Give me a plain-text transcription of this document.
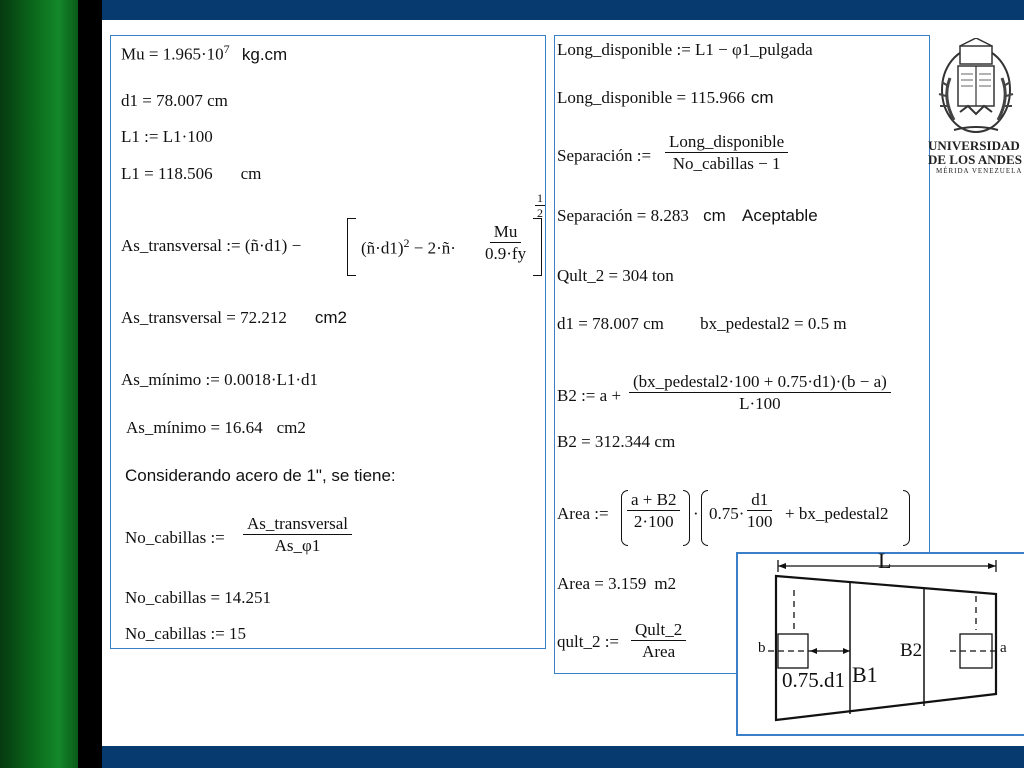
$Mu = 1.965\cdot 10^7$ kg.cm
d1 = 78.007 cm
L1 := L1·100
L1 = 118.506 cm
As_transversal := (ñ·d1) −	(ñ·d1)$^2$ − 2·ñ· $\frac{Mu}{0.9\cdot fy}$
$\frac{1}{2}$
As_transversal = 72.212 cm2
As_mínimo := 0.0018·L1·d1
As_mínimo = 16.64 cm2
Considerando acero de 1", se tiene:
No_cabillas :=
As_transversal
As_φ1
No_cabillas = 14.251
No_cabillas := 15
Long_disponible := L1 − φ1_pulgada
Long_disponible = 115.966 cm
Separación :=
Long_disponible
No_cabillas − 1
Separación = 8.283 cm Aceptable
Qult_2 = 304 ton
d1 = 78.007 cm bx_pedestal2 = 0.5 m
B2 := a +
(bx_pedestal2·100 + 0.75·d1)·(b − a)
L·100
B2 = 312.344 cm
Area := $\frac{a + B2}{2\cdot 100} \cdot 0.75\cdot$
$\frac{d1}{100}$ + bx_pedestal2
Area = 3.159 m2
qult_2 :=
Qult_2
Area
UNIVERSIDAD
DE LOS ANDES
MÉRIDA VENEZUELA
L
b	a
0.75.d1 B1
B2
